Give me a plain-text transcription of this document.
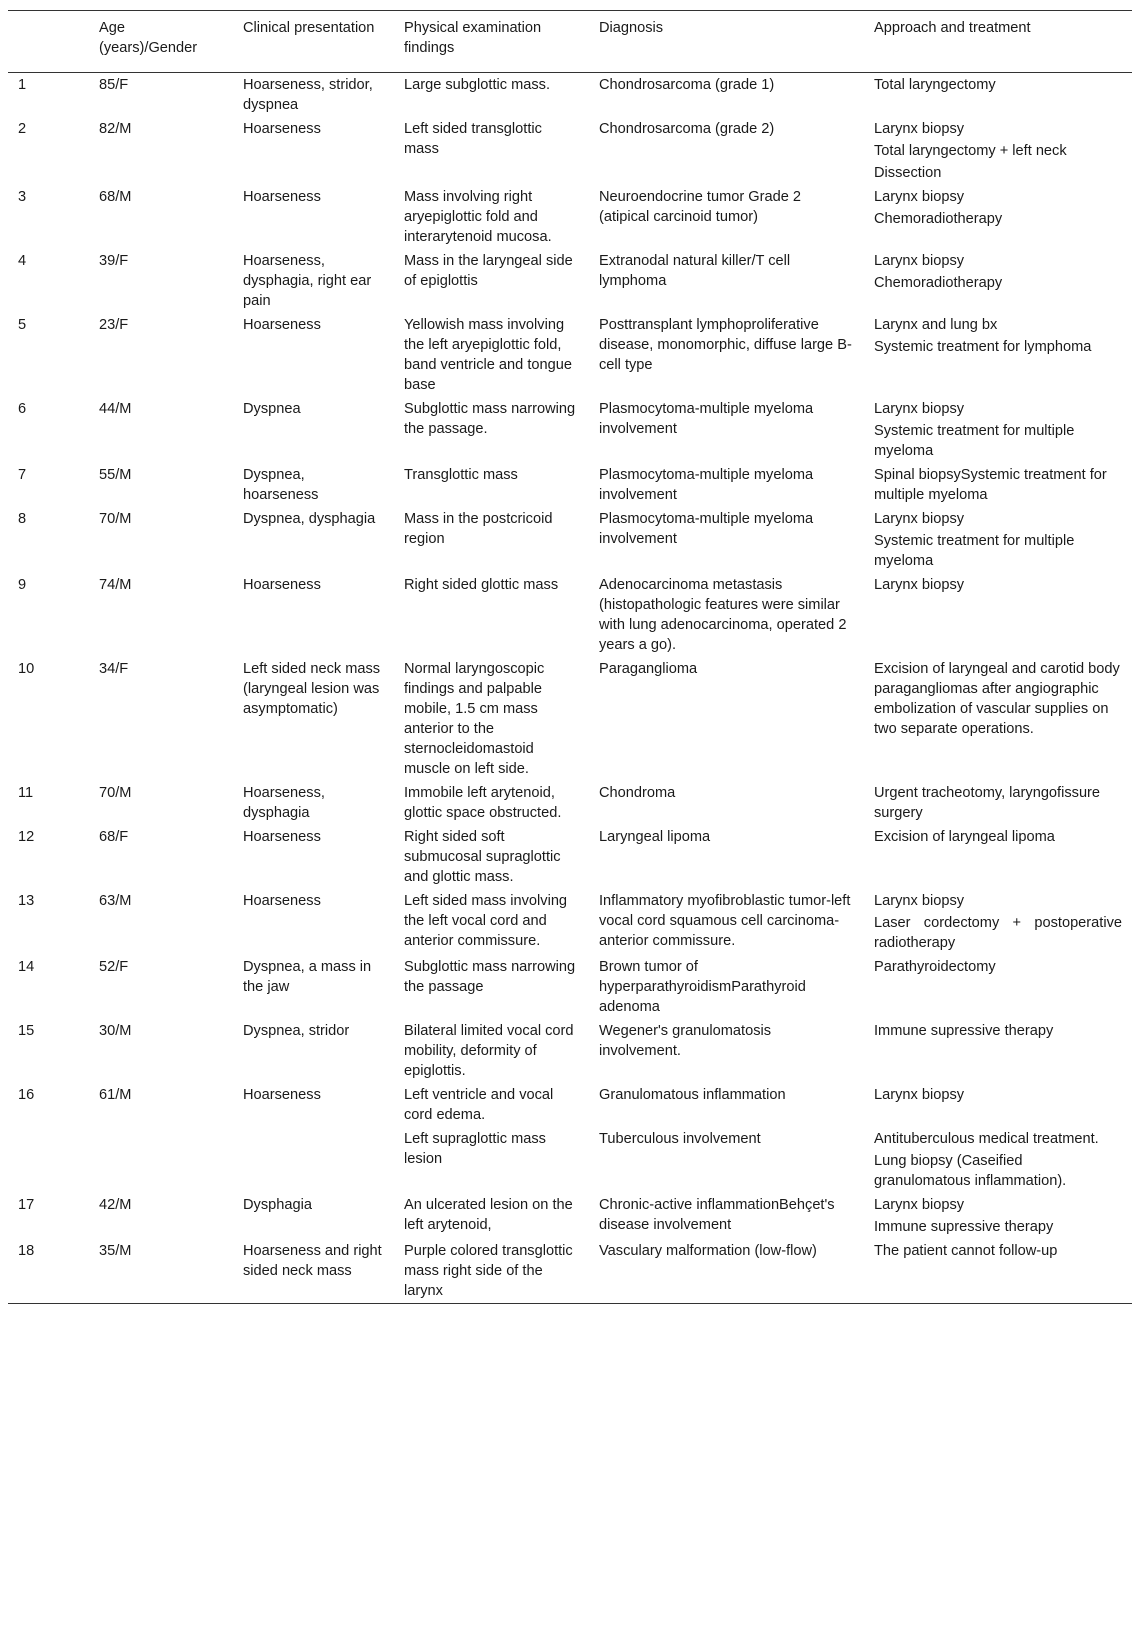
	Age (years)/Gender	Clinical presentation	Physical examination findings	Diagnosis	Approach and treatment
1	85/F	Hoarseness, stridor, dyspnea	Large subglottic mass.	Chondrosarcoma (grade 1)	Total laryngectomy

2	82/M	Hoarseness	Left sided transglottic mass	Chondrosarcoma (grade 2)	Larynx biopsy
Total laryngectomy + left neck
Dissection

3	68/M	Hoarseness	Mass involving right aryepiglottic fold and interarytenoid mucosa.	Neuroendocrine tumor Grade 2 (atipical carcinoid tumor)	Larynx biopsy
Chemoradiotherapy

4	39/F	Hoarseness, dysphagia, right ear pain	Mass in the laryngeal side of epiglottis	Extranodal natural killer/T cell lymphoma	Larynx biopsy
Chemoradiotherapy

5	23/F	Hoarseness	Yellowish mass involving the left aryepiglottic fold, band ventricle and tongue base	Posttransplant lymphoproliferative disease, monomorphic, diffuse large B-cell type	Larynx and lung bx
Systemic treatment for lymphoma

6	44/M	Dyspnea	Subglottic mass narrowing the passage.	Plasmocytoma-multiple myeloma involvement	Larynx biopsy
Systemic treatment for multiple myeloma

7	55/M	Dyspnea, hoarseness	Transglottic mass	Plasmocytoma-multiple myeloma involvement	Spinal biopsySystemic treatment for multiple myeloma

8	70/M	Dyspnea, dysphagia	Mass in the postcricoid region	Plasmocytoma-multiple myeloma involvement	Larynx biopsy
Systemic treatment for multiple myeloma

9	74/M	Hoarseness	Right sided glottic mass	Adenocarcinoma metastasis (histopathologic features were similar with lung adenocarcinoma, operated 2 years a go).	Larynx biopsy

10	34/F	Left sided neck mass (laryngeal lesion was asymptomatic)	Normal laryngoscopic findings and palpable mobile, 1.5 cm mass anterior to the sternocleidomastoid muscle on left side.	Paraganglioma	Excision of laryngeal and carotid body paragangliomas after angiographic embolization of vascular supplies on two separate operations.

11	70/M	Hoarseness, dysphagia	Immobile left arytenoid, glottic space obstructed.	Chondroma	Urgent tracheotomy, laryngofissure surgery

12	68/F	Hoarseness	Right sided soft submucosal supraglottic and glottic mass.	Laryngeal lipoma	Excision of laryngeal lipoma

13	63/M	Hoarseness	Left sided mass involving the left vocal cord and anterior commissure.	Inflammatory myofibroblastic tumor-left vocal cord squamous cell carcinoma-anterior commissure.	Larynx biopsy
Laser cordectomy + postoperative radiotherapy

14	52/F	Dyspnea, a mass in the jaw	Subglottic mass narrowing the passage	Brown tumor of hyperparathyroidismParathyroid adenoma	Parathyroidectomy

15	30/M	Dyspnea, stridor	Bilateral limited vocal cord mobility, deformity of epiglottis.	Wegener's granulomatosis involvement.	Immune supressive therapy

16	61/M	Hoarseness	Left ventricle and vocal cord edema.	Granulomatous inflammation	Larynx biopsy

			Left supraglottic mass lesion	Tuberculous involvement	Antituberculous medical treatment.
Lung biopsy (Caseified granulomatous inflammation).

17	42/M	Dysphagia	An ulcerated lesion on the left arytenoid,	Chronic-active inflammationBehçet's disease involvement	Larynx biopsy
Immune supressive therapy

18	35/M	Hoarseness and right sided neck mass	Purple colored transglottic mass right side of the larynx	Vasculary malformation (low-flow)	The patient cannot follow-up
